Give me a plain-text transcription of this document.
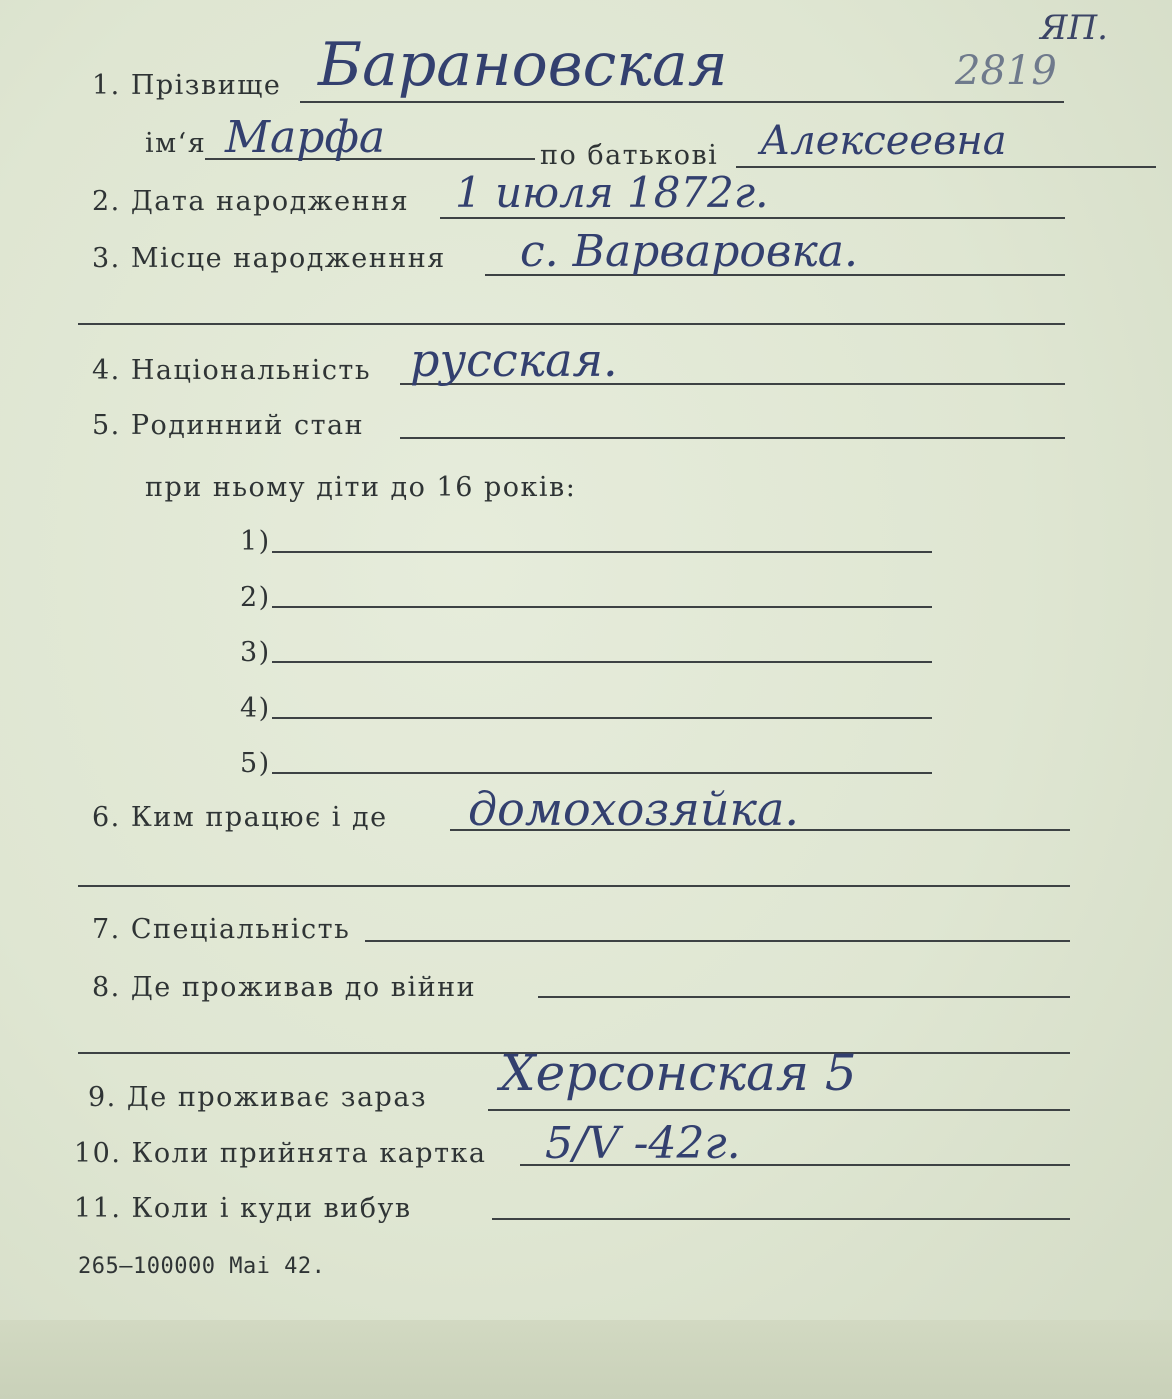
1. Прізвище Барановская	2819
ЯП.
ім‘я Марфа	по батькові Алексеевна
2. Дата народження 1 июля 1872г.
3. Місце народженння с. Варваровка.
4. Національність русская.
5. Родинний стан
при ньому діти до 16 років:
1)
2)
3)
4)
5)
6. Ким працює і де домохозяйка.
7. Спеціальність
8. Де проживав до війни
9. Де проживає зараз Херсонская 5
10. Коли прийнята картка 5/V -42г.
11. Коли і куди вибув
265—100000 Mai 42.
